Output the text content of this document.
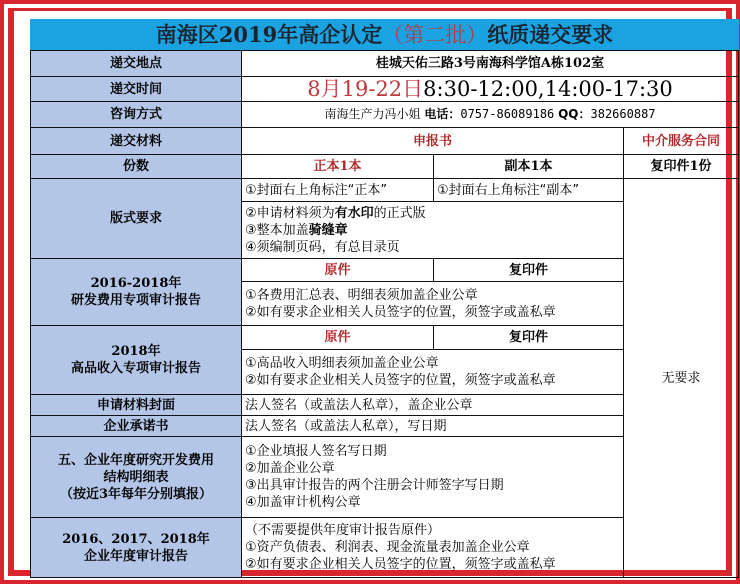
南海区2019年高企认定（第二批）纸质递交要求			
递交地点	桂城天佑三路3号南海科学馆A栋102室		
递交时间	8月19-22日8:30-12:00,14:00-17:30		
咨询方式	南海生产力冯小姐 电话：0757-86089186 QQ：382660887		
递交材料	申报书		中介服务合同
份数	正本1本	副本1本	复印件1份
版式要求	①封面右上角标注“正本”	①封面右上角标注“副本”	无要求

	②申请材料须为有水印的正式版
③整本加盖骑缝章
④须编制页码，有总目录页		

2016-2018年
研发费用专项审计报告	原件	复印件	

	①各费用汇总表、明细表须加盖企业公章
②如有要求企业相关人员签字的位置，须签字或盖私章		

2018年
高品收入专项审计报告	原件	复印件	

	①高品收入明细表须加盖企业公章
②如有要求企业相关人员签字的位置，须签字或盖私章		

申请材料封面	法人签名（或盖法人私章），盖企业公章		
企业承诺书	法人签名（或盖法人私章），写日期		

五、企业年度研究开发费用
结构明细表
（按近3年每年分别填报）	①企业填报人签名写日期
②加盖企业公章
③出具审计报告的两个注册会计师签字写日期
④加盖审计机构公章		

2016、2017、2018年
企业年度审计报告	（不需要提供年度审计报告原件）
①资产负债表、利润表、现金流量表加盖企业公章
②如有要求企业相关人员签字的位置，须签字或盖私章		
